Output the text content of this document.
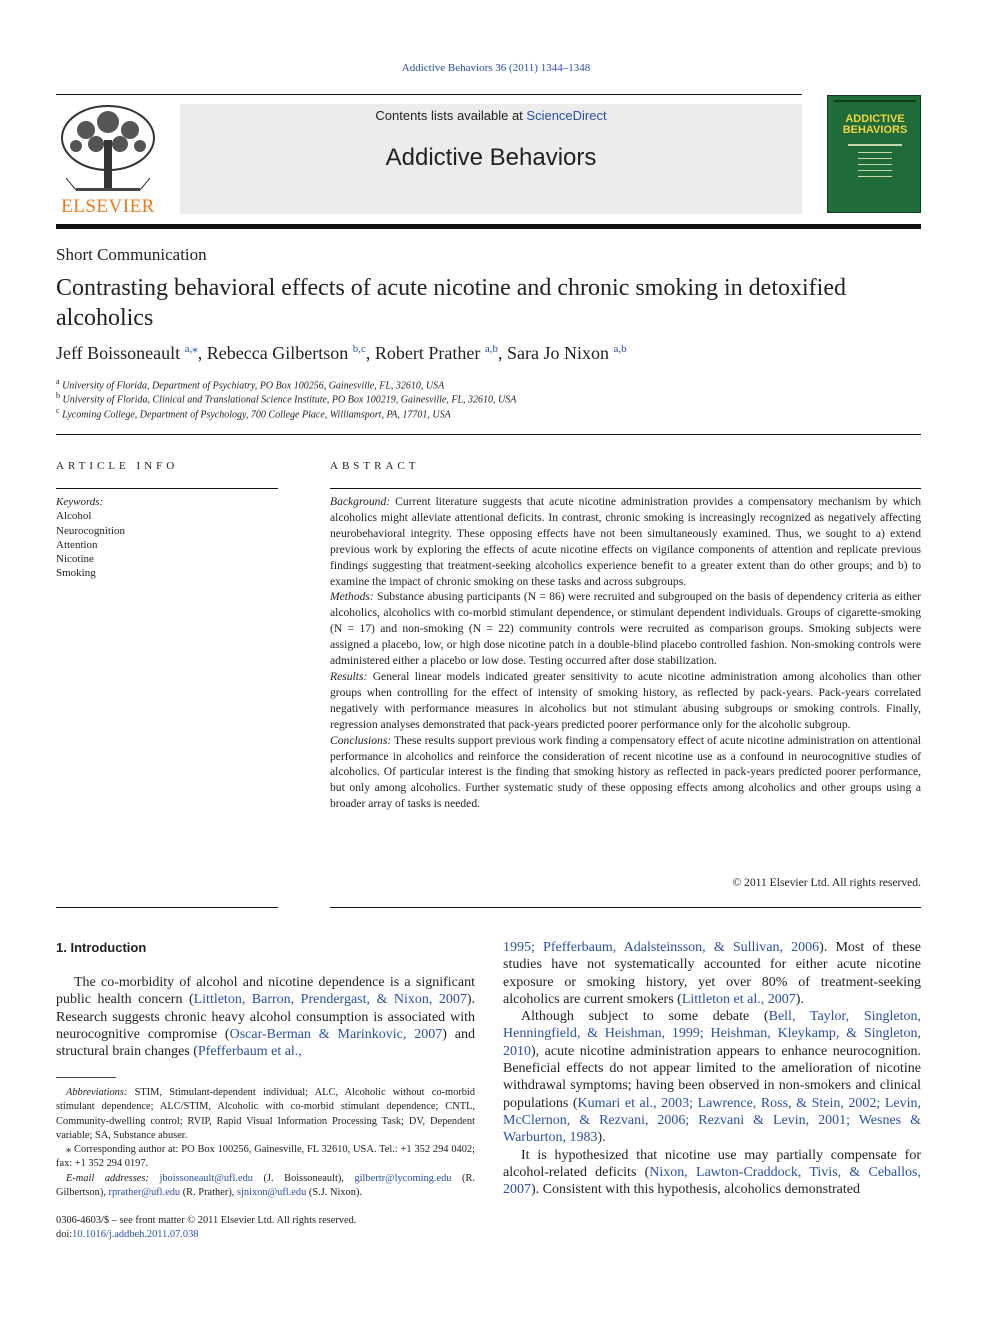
Addictive Behaviors 36 (2011) 1344–1348
ELSEVIER
Contents lists available at ScienceDirect
Addictive Behaviors
ADDICTIVE
BEHAVIORS
Short Communication
Contrasting behavioral effects of acute nicotine and chronic smoking in detoxified alcoholics
Jeff Boissoneault $^{a,⁎}$, Rebecca Gilbertson $^{b,c}$, Robert Prather $^{a,b}$, Sara Jo Nixon $^{a,b}$
$^a$ University of Florida, Department of Psychiatry, PO Box 100256, Gainesville, FL, 32610, USA
$^b$ University of Florida, Clinical and Translational Science Institute, PO Box 100219, Gainesville, FL, 32610, USA
$^c$ Lycoming College, Department of Psychology, 700 College Place, Williamsport, PA, 17701, USA
ARTICLE INFO
Keywords:
Alcohol
Neurocognition
Attention
Nicotine
Smoking
ABSTRACT
Background: Current literature suggests that acute nicotine administration provides a compensatory mechanism by which alcoholics might alleviate attentional deficits. In contrast, chronic smoking is increasingly recognized as negatively affecting neurobehavioral integrity. These opposing effects have not been simultaneously examined. Thus, we sought to a) extend previous work by exploring the effects of acute nicotine effects on vigilance components of attention and replicate previous findings suggesting that treatment-seeking alcoholics experience benefit to a greater extent than do other groups; and b) to examine the impact of chronic smoking on these tasks and across subgroups.
Methods: Substance abusing participants (N = 86) were recruited and subgrouped on the basis of dependency criteria as either alcoholics, alcoholics with co-morbid stimulant dependence, or stimulant dependent individuals. Groups of cigarette-smoking (N = 17) and non-smoking (N = 22) community controls were recruited as comparison groups. Smoking subjects were assigned a placebo, low, or high dose nicotine patch in a double-blind placebo controlled fashion. Non-smoking controls were administered either a placebo or low dose. Testing occurred after dose stabilization.
Results: General linear models indicated greater sensitivity to acute nicotine administration among alcoholics than other groups when controlling for the effect of intensity of smoking history, as reflected by pack-years. Pack-years correlated negatively with performance measures in alcoholics but not stimulant abusing subgroups or smoking controls. Finally, regression analyses demonstrated that pack-years predicted poorer performance only for the alcoholic subgroup.
Conclusions: These results support previous work finding a compensatory effect of acute nicotine administration on attentional performance in alcoholics and reinforce the consideration of recent nicotine use as a confound in neurocognitive studies of alcoholics. Of particular interest is the finding that smoking history as reflected in pack-years predicted poorer performance, but only among alcoholics. Further systematic study of these opposing effects among alcoholics and other groups using a broader array of tasks is needed.
© 2011 Elsevier Ltd. All rights reserved.
1. Introduction

The co-morbidity of alcohol and nicotine dependence is a significant public health concern (Littleton, Barron, Prendergast, & Nixon, 2007). Research suggests chronic heavy alcohol consumption is associated with neurocognitive compromise (Oscar-Berman & Marinkovic, 2007) and structural brain changes (Pfefferbaum et al.,

Abbreviations: STIM, Stimulant-dependent individual; ALC, Alcoholic without co-morbid stimulant dependence; ALC/STIM, Alcoholic with co-morbid stimulant dependence; CNTL, Community-dwelling control; RVIP, Rapid Visual Information Processing Task; DV, Dependent variable; SA, Substance abuser.

⁎ Corresponding author at: PO Box 100256, Gainesville, FL 32610, USA. Tel.: +1 352 294 0402; fax: +1 352 294 0197.

E-mail addresses: jboissoneault@ufl.edu (J. Boissoneault), gilbertr@lycoming.edu (R. Gilbertson), rprather@ufl.edu (R. Prather), sjnixon@ufl.edu (S.J. Nixon).

0306-4603/$ – see front matter © 2011 Elsevier Ltd. All rights reserved.
doi:10.1016/j.addbeh.2011.07.038

1995; Pfefferbaum, Adalsteinsson, & Sullivan, 2006). Most of these studies have not systematically accounted for either acute nicotine exposure or smoking history, yet over 80% of treatment-seeking alcoholics are current smokers (Littleton et al., 2007).

Although subject to some debate (Bell, Taylor, Singleton, Henningfield, & Heishman, 1999; Heishman, Kleykamp, & Singleton, 2010), acute nicotine administration appears to enhance neurocognition. Beneficial effects do not appear limited to the amelioration of nicotine withdrawal symptoms; having been observed in non-smokers and clinical populations (Kumari et al., 2003; Lawrence, Ross, & Stein, 2002; Levin, McClernon, & Rezvani, 2006; Rezvani & Levin, 2001; Wesnes & Warburton, 1983).

It is hypothesized that nicotine use may partially compensate for alcohol-related deficits (Nixon, Lawton-Craddock, Tivis, & Ceballos, 2007). Consistent with this hypothesis, alcoholics demonstrated
